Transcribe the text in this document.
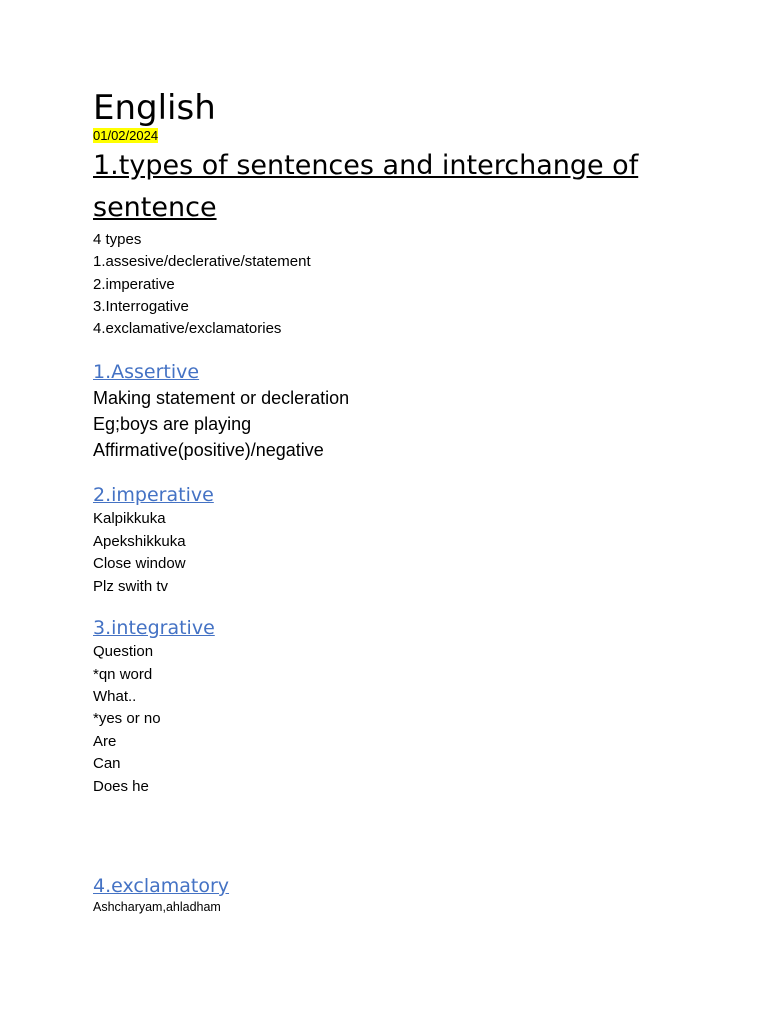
English
01/02/2024
1.types of sentences and interchange of
sentence
4 types
1.assesive/declerative/statement
2.imperative
3.Interrogative
4.exclamative/exclamatories
1.Assertive
Making statement or decleration
Eg;boys are playing
Affirmative(positive)/negative
2.imperative
Kalpikkuka
Apekshikkuka
Close window
Plz swith tv
3.integrative
Question
*qn word
What..
*yes or no
Are
Can
Does he
4.exclamatory
Ashcharyam,ahladham
